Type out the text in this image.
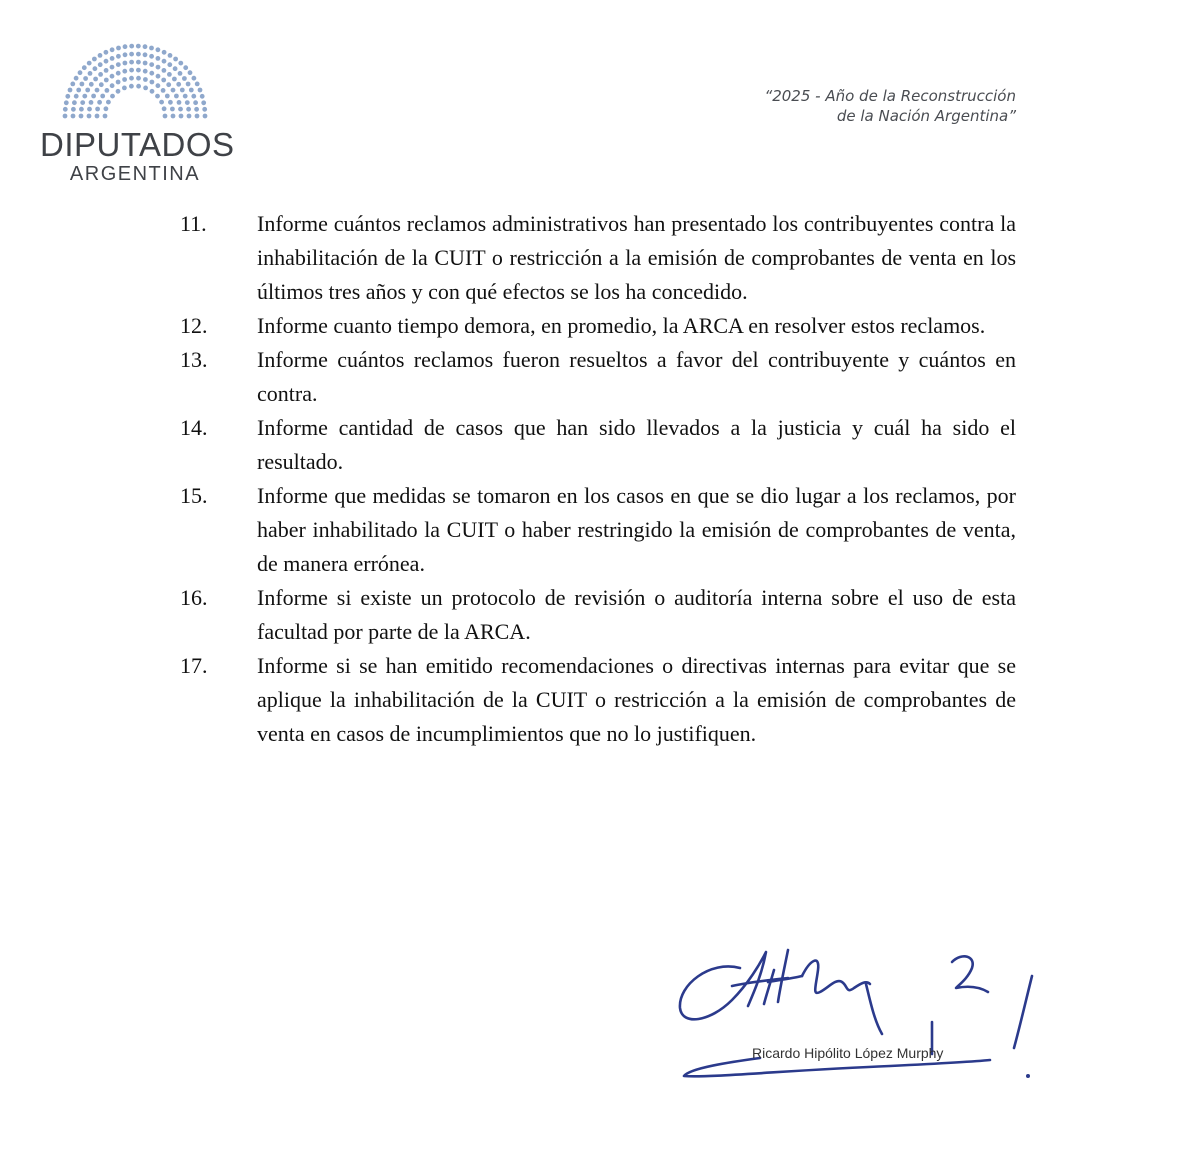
DIPUTADOS
ARGENTINA
“2025 - Año de la Reconstrucción
de la Nación Argentina”
11.	Informe cuántos reclamos administrativos han presentado los contribuyentes contra la inhabilitación de la CUIT o restricción a la emisión de comprobantes de venta en los últimos tres años y con qué efectos se los ha concedido.
12.	Informe cuanto tiempo demora, en promedio, la ARCA en resolver estos reclamos.
13.	Informe cuántos reclamos fueron resueltos a favor del contribuyente y cuántos en contra.
14.	Informe cantidad de casos que han sido llevados a la justicia y cuál ha sido el resultado.
15.	Informe que medidas se tomaron en los casos en que se dio lugar a los reclamos, por haber inhabilitado la CUIT o haber restringido la emisión de comprobantes de venta, de manera errónea.
16.	Informe si existe un protocolo de revisión o auditoría interna sobre el uso de esta facultad por parte de la ARCA.
17.	Informe si se han emitido recomendaciones o directivas internas para evitar que se aplique la inhabilitación de la CUIT o restricción a la emisión de comprobantes de venta en casos de incumplimientos que no lo justifiquen.
Ricardo Hipólito López Murphy
